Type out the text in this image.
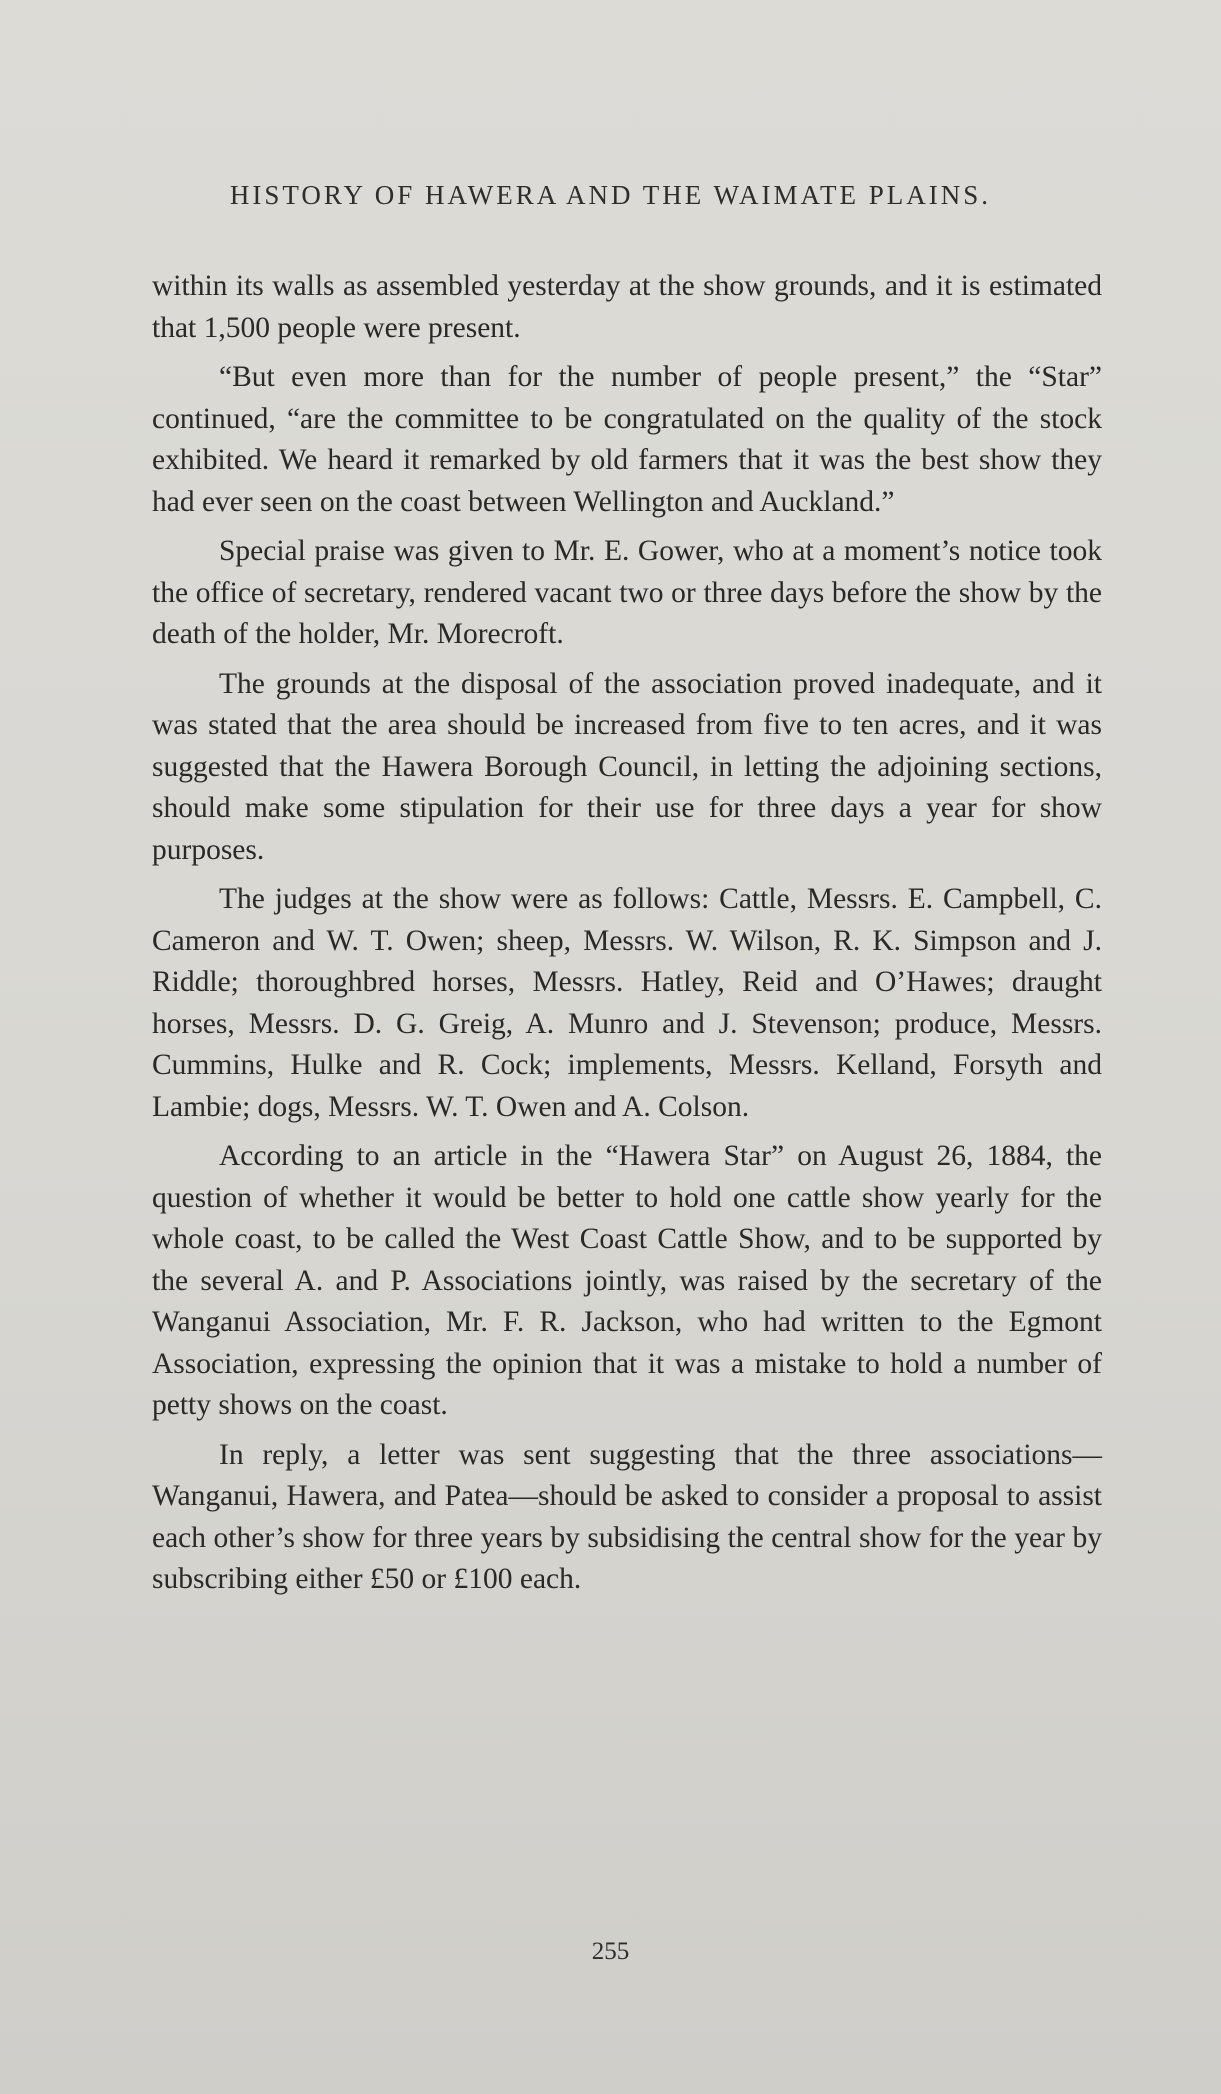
HISTORY OF HAWERA AND THE WAIMATE PLAINS.

within its walls as assembled yesterday at the show grounds, and it is estimated that 1,500 people were present.

“But even more than for the number of people present,” the “Star” continued, “are the committee to be congratulated on the quality of the stock exhibited. We heard it remarked by old farmers that it was the best show they had ever seen on the coast between Wellington and Auckland.”

Special praise was given to Mr. E. Gower, who at a moment’s notice took the office of secretary, rendered vacant two or three days before the show by the death of the holder, Mr. Morecroft.

The grounds at the disposal of the association proved inadequate, and it was stated that the area should be increased from five to ten acres, and it was suggested that the Hawera Borough Council, in letting the adjoining sections, should make some stipulation for their use for three days a year for show purposes.

The judges at the show were as follows: Cattle, Messrs. E. Campbell, C. Cameron and W. T. Owen; sheep, Messrs. W. Wilson, R. K. Simpson and J. Riddle; thoroughbred horses, Messrs. Hatley, Reid and O’Hawes; draught horses, Messrs. D. G. Greig, A. Munro and J. Stevenson; produce, Messrs. Cummins, Hulke and R. Cock; implements, Messrs. Kelland, Forsyth and Lambie; dogs, Messrs. W. T. Owen and A. Colson.

According to an article in the “Hawera Star” on August 26, 1884, the question of whether it would be better to hold one cattle show yearly for the whole coast, to be called the West Coast Cattle Show, and to be supported by the several A. and P. Associations jointly, was raised by the secretary of the Wanganui Association, Mr. F. R. Jackson, who had written to the Egmont Association, expressing the opinion that it was a mistake to hold a number of petty shows on the coast.

In reply, a letter was sent suggesting that the three associations—Wanganui, Hawera, and Patea—should be asked to consider a proposal to assist each other’s show for three years by subsidising the central show for the year by subscribing either £50 or £100 each.

255
